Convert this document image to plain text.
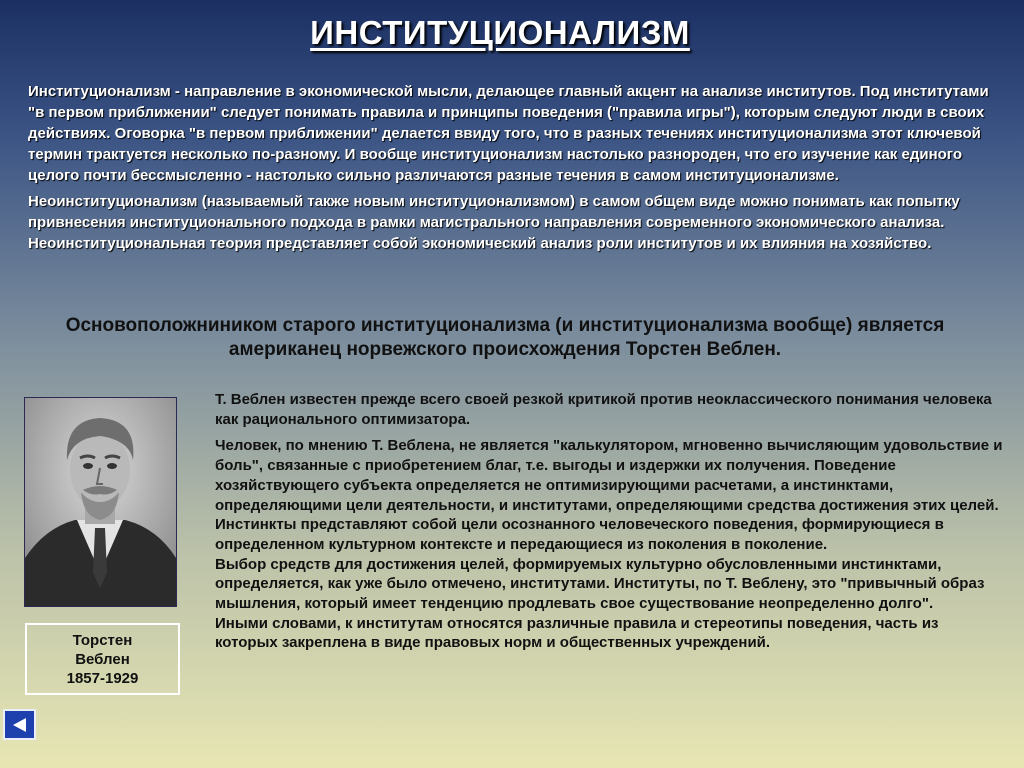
ИНСТИТУЦИОНАЛИЗМ

Институционализм - направление в экономической мысли, делающее главный акцент на анализе институтов. Под институтами "в первом приближении" следует понимать правила и принципы поведения ("правила игры"), которым следуют люди в своих действиях. Оговорка "в первом приближении" делается ввиду того, что в разных течениях институционализма этот ключевой термин трактуется несколько по-разному. И вообще институционализм настолько разнороден, что его изучение как единого целого почти бессмысленно - настолько сильно различаются разные течения в самом институционализме.

Неоинституционализм (называемый также новым институционализмом) в самом общем виде можно понимать как попытку привнесения институционального подхода в рамки магистрального направления современного экономического анализа. Неоинституциональная теория представляет собой экономический анализ роли институтов и их влияния на хозяйство.

Основоположниником старого институционализма (и институционализма вообще) является американец норвежского происхождения Торстен Веблен.
Торстен
Веблен
1857-1929

Т. Веблен известен прежде всего своей резкой критикой против неоклассического понимания человека как рационального оптимизатора.

Человек, по мнению Т. Веблена, не является "калькулятором, мгновенно вычисляющим удовольствие и боль", связанные с приобретением благ, т.е. выгоды и издержки их получения. Поведение хозяйствующего субъекта определяется не оптимизирующими расчетами, а инстинктами, определяющими цели деятельности, и институтами, определяющими средства достижения этих целей.

Инстинкты представляют собой цели осознанного человеческого поведения, формирующиеся в определенном культурном контексте и передающиеся из поколения в поколение.

Выбор средств для достижения целей, формируемых культурно обусловленными инстинктами, определяется, как уже было отмечено, институтами. Институты, по Т. Веблену, это "привычный образ мышления, который имеет тенденцию продлевать свое существование неопределенно долго".

Иными словами, к институтам относятся различные правила и стереотипы поведения, часть из которых закреплена в виде правовых норм и общественных учреждений.
